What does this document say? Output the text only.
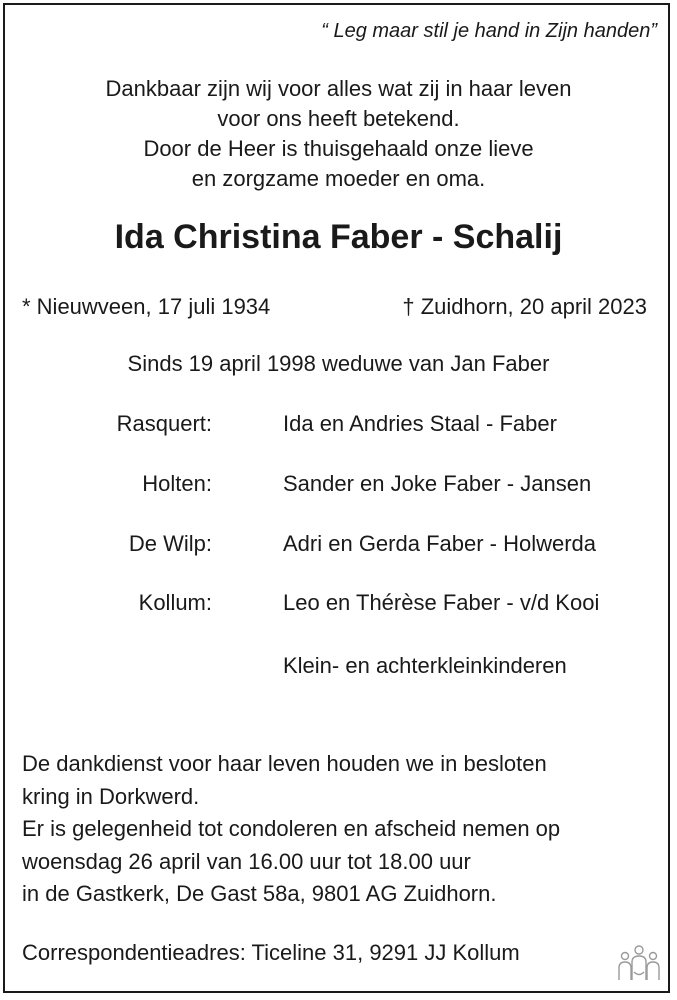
“ Leg maar stil je hand in Zijn handen”
Dankbaar zijn wij voor alles wat zij in haar leven
voor ons heeft betekend.
Door de Heer is thuisgehaald onze lieve
en zorgzame moeder en oma.
Ida Christina Faber - Schalij
* Nieuwveen, 17 juli 1934	† Zuidhorn, 20 april 2023
Sinds 19 april 1998 weduwe van Jan Faber
Rasquert:	Ida en Andries Staal - Faber
Holten:	Sander en Joke Faber - Jansen
De Wilp:	Adri en Gerda Faber - Holwerda
Kollum:	Leo en Thérèse Faber - v/d Kooi
Klein- en achterkleinkinderen
De dankdienst voor haar leven houden we in besloten
kring in Dorkwerd.
Er is gelegenheid tot condoleren en afscheid nemen op
woensdag 26 april van 16.00 uur tot 18.00 uur
in de Gastkerk, De Gast 58a, 9801 AG Zuidhorn.
Correspondentieadres: Ticeline 31, 9291 JJ Kollum
